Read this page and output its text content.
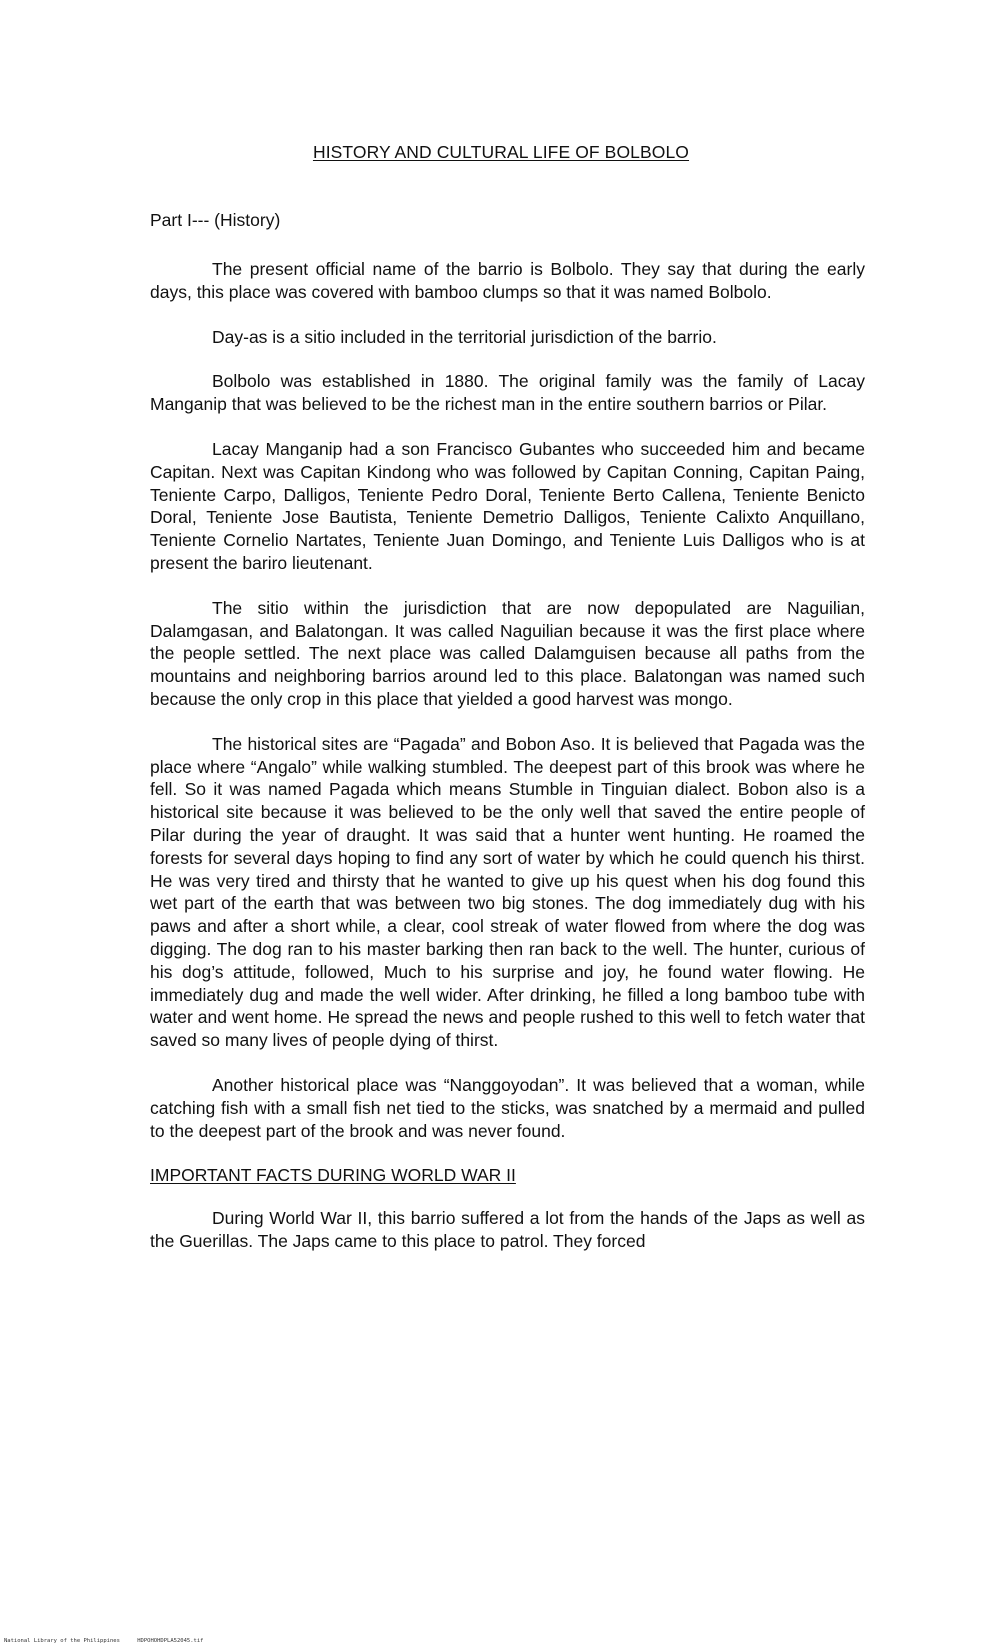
HISTORY AND CULTURAL LIFE OF BOLBOLO
Part I--- (History)

The present official name of the barrio is Bolbolo. They say that during the early days, this place was covered with bamboo clumps so that it was named Bolbolo.

Day-as is a sitio included in the territorial jurisdiction of the barrio.

Bolbolo was established in 1880. The original family was the family of Lacay Manganip that was believed to be the richest man in the entire southern barrios or Pilar.

Lacay Manganip had a son Francisco Gubantes who succeeded him and became Capitan. Next was Capitan Kindong who was followed by Capitan Conning, Capitan Paing, Teniente Carpo, Dalligos, Teniente Pedro Doral, Teniente Berto Callena, Teniente Benicto Doral, Teniente Jose Bautista, Teniente Demetrio Dalligos, Teniente Calixto Anquillano, Teniente Cornelio Nartates, Teniente Juan Domingo, and Teniente Luis Dalligos who is at present the bariro lieutenant.

The sitio within the jurisdiction that are now depopulated are Naguilian, Dalamgasan, and Balatongan. It was called Naguilian because it was the first place where the people settled. The next place was called Dalamguisen because all paths from the mountains and neighboring barrios around led to this place. Balatongan was named such because the only crop in this place that yielded a good harvest was mongo.

The historical sites are “Pagada” and Bobon Aso. It is believed that Pagada was the place where “Angalo” while walking stumbled. The deepest part of this brook was where he fell. So it was named Pagada which means Stumble in Tinguian dialect. Bobon also is a historical site because it was believed to be the only well that saved the entire people of Pilar during the year of draught. It was said that a hunter went hunting. He roamed the forests for several days hoping to find any sort of water by which he could quench his thirst. He was very tired and thirsty that he wanted to give up his quest when his dog found this wet part of the earth that was between two big stones. The dog immediately dug with his paws and after a short while, a clear, cool streak of water flowed from where the dog was digging. The dog ran to his master barking then ran back to the well. The hunter, curious of his dog’s attitude, followed, Much to his surprise and joy, he found water flowing. He immediately dug and made the well wider. After drinking, he filled a long bamboo tube with water and went home. He spread the news and people rushed to this well to fetch water that saved so many lives of people dying of thirst.

Another historical place was “Nanggoyodan”. It was believed that a woman, while catching fish with a small fish net tied to the sticks, was snatched by a mermaid and pulled to the deepest part of the brook and was never found.

IMPORTANT FACTS DURING WORLD WAR II

During World War II, this barrio suffered a lot from the hands of the Japs as well as the Guerillas. The Japs came to this place to patrol. They forced

National Library of the Philippines	HDPOHOHDPLA52045.tif
